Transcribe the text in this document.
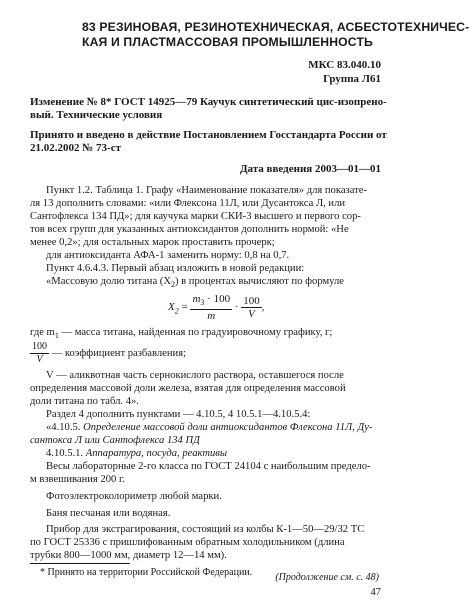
83 РЕЗИНОВАЯ, РЕЗИНОТЕХНИЧЕСКАЯ, АСБЕСТОТЕХНИЧЕС-
КАЯ И ПЛАСТМАССОВАЯ ПРОМЫШЛЕННОСТЬ
МКС 83.040.10
Группа Л61
Изменение № 8* ГОСТ 14925—79 Каучук синтетический цис-изопрено-
вый. Технические условия
Принято и введено в действие Постановлением Госстандарта России от
21.02.2002 № 73-ст
Дата введения 2003—01—01
Пункт 1.2. Таблица 1. Графу «Наименование показателя» для показате-
ля 13 дополнить словами: «или Флексона 11Л, или Дусантокса Л, или
Сантофлекса 134 ПД»; для каучука марки СКИ-3 высшего и первого сор-
тов всех групп для указанных антиоксидантов дополнить нормой: «Не
менее 0,2»; для остальных марок проставить прочерк;
для антиоксиданта АФА-1 заменить норму: 0,8 на 0,7.
Пункт 4.6.4.3. Первый абзац изложить в новой редакции:
«Массовую долю титана $(X_2)$ в процентах вычисляют по формуле
$X_2 = \frac{m_3 \cdot 100}{m} \cdot \frac{100}{V}$ ,
где $m_1$ — масса титана, найденная по градуировочному графику, г;
$\frac{100}{V}$ — коэффициент разбавления;
V — аликвотная часть сернокислого раствора, оставшегося после
определения массовой доли железа, взятая для определения массовой
доли титана по табл. 4».
Раздел 4 дополнить пунктами — 4.10.5, 4 10.5.1—4.10.5.4:
«4.10.5. Определение массовой доли антиоксидантов Флексона 11Л, Ду-
сантокса Л или Сантофлекса 134 ПД
4.10.5.1. Аппаратура, посуда, реактивы
Весы лабораторные 2-го класса по ГОСТ 24104 с наибольшим предело-
м взвешивания 200 г.
Фотоэлектроколориметр любой марки.
Баня песчаная или водяная.
Прибор для экстрагирования, состоящий из колбы К-1—50—29/32 ТС
по ГОСТ 25336 с пришлифованным обратным холодильником (длина
трубки 800—1000 мм, диаметр 12—14 мм).
* Принято на территории Российской Федерации. (Продолжение см. с. 48)
47
